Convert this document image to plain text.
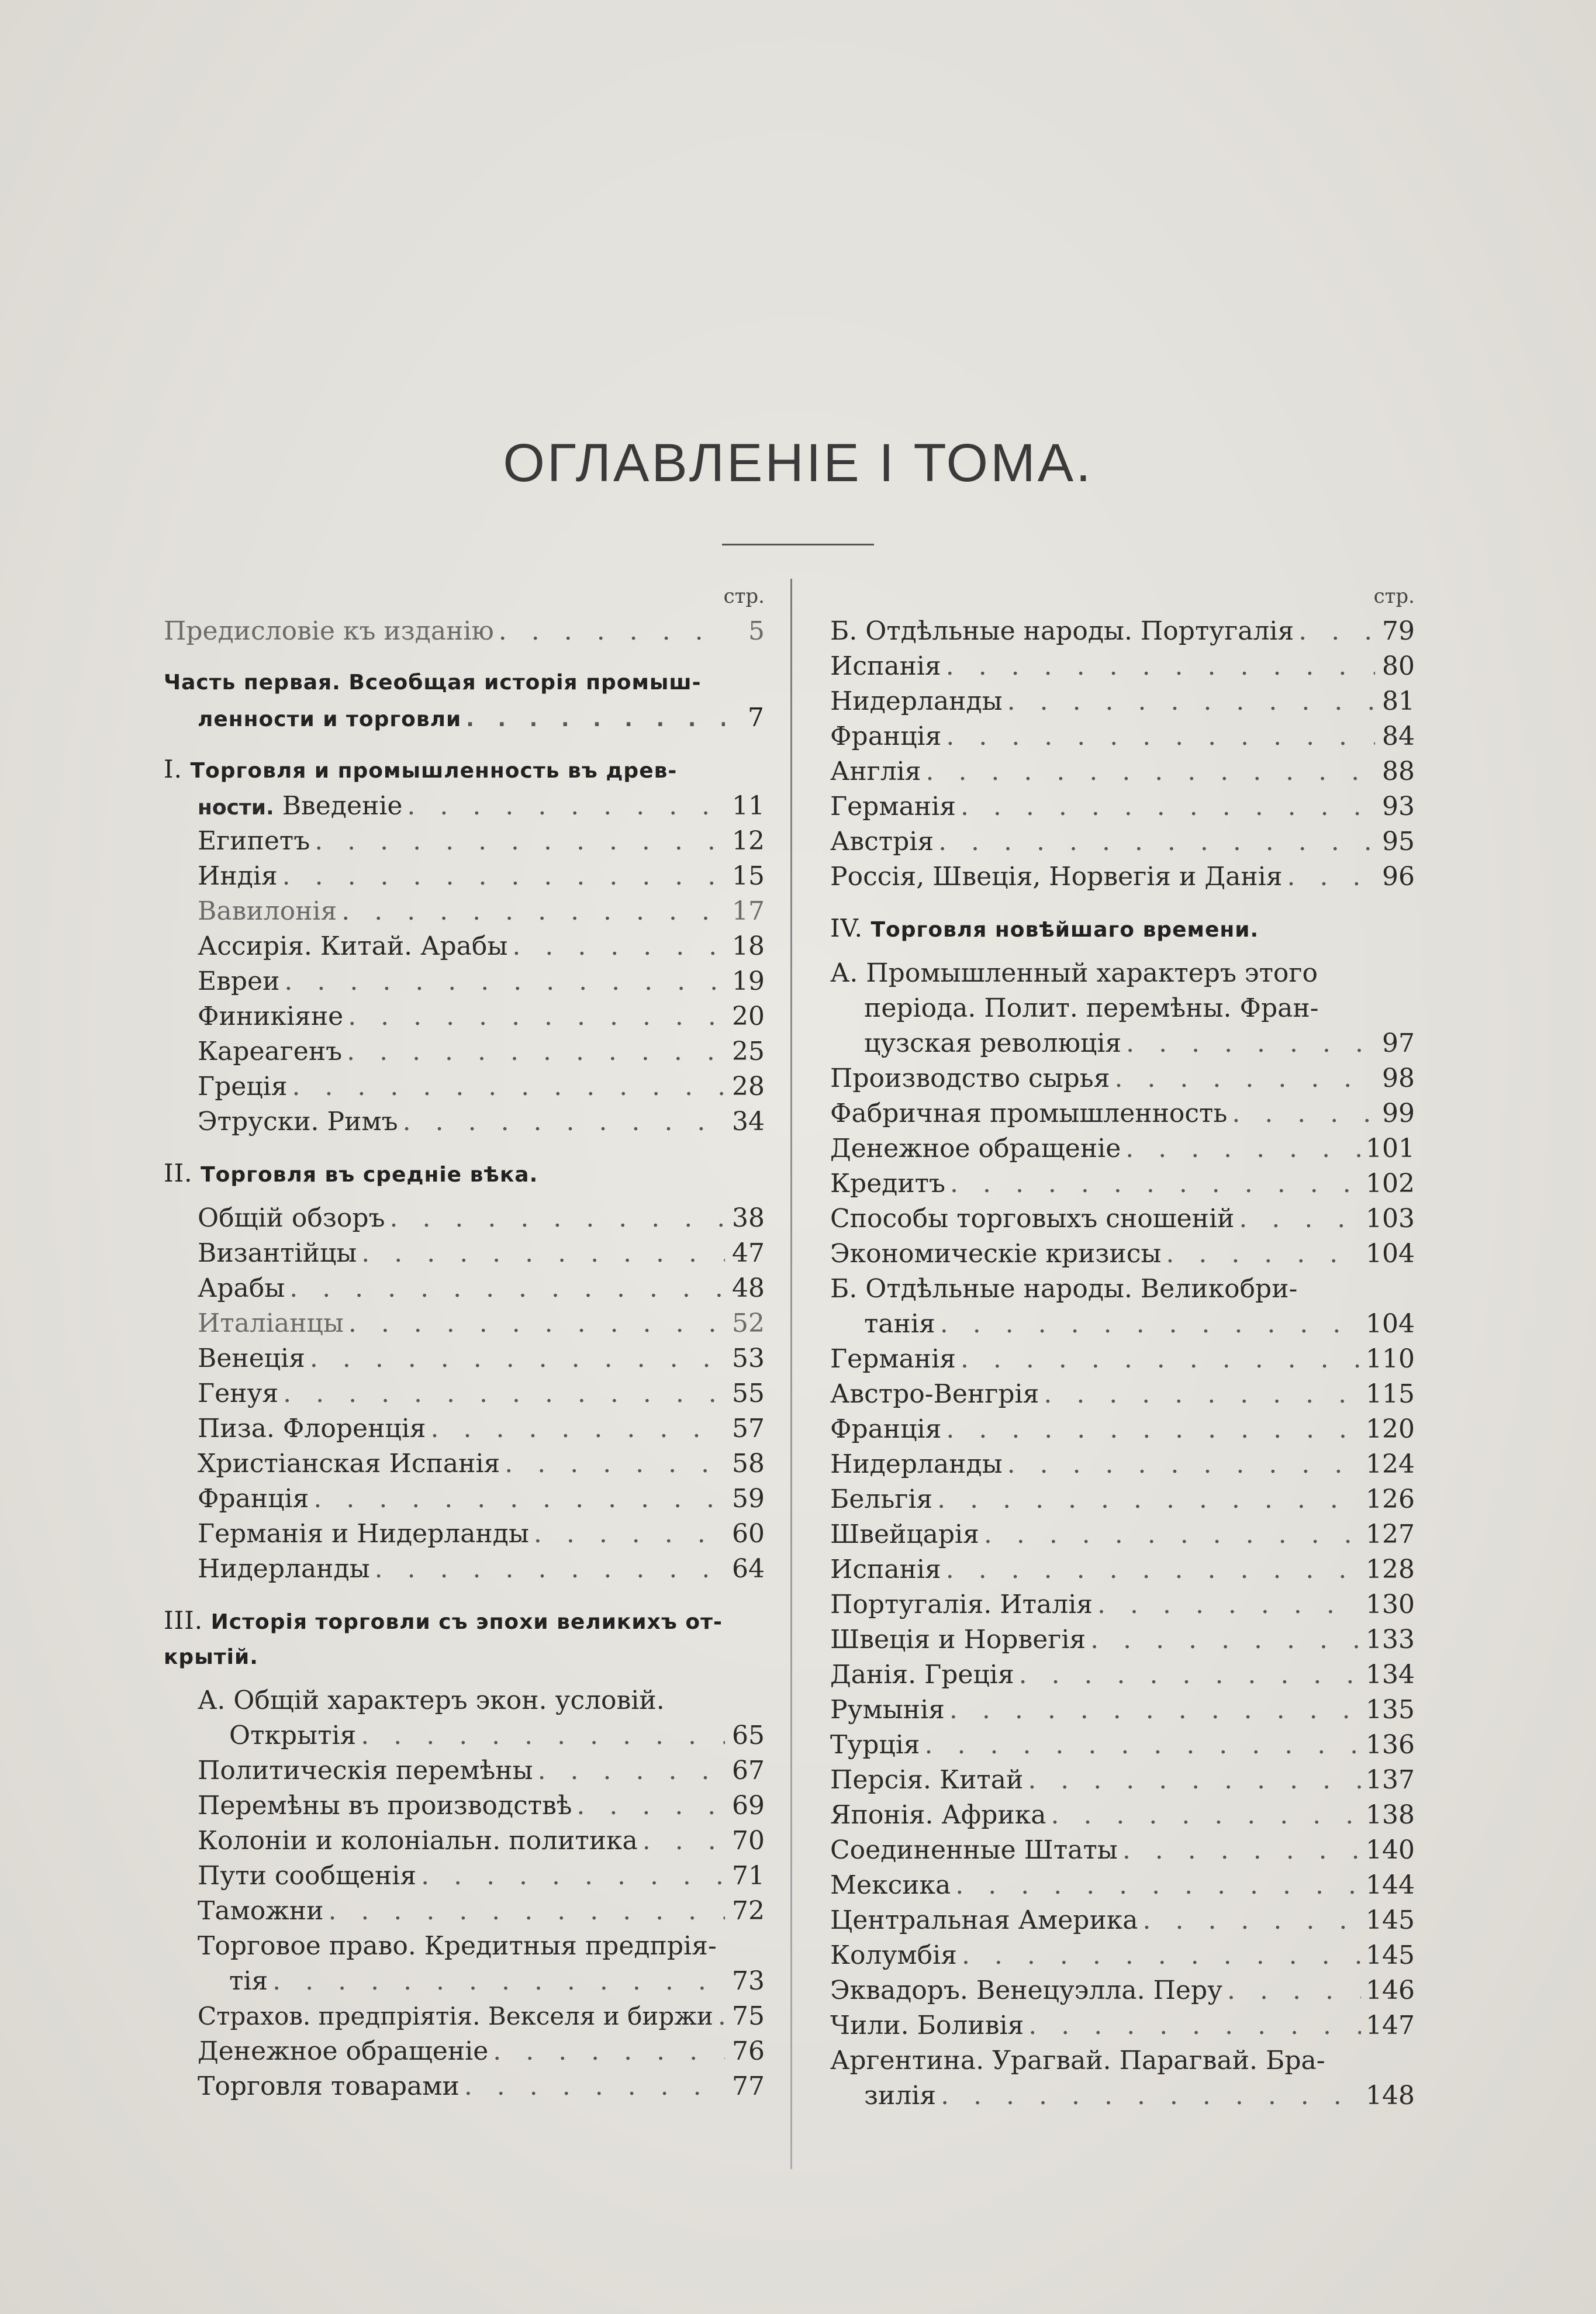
ОГЛАВЛЕНІЕ I ТОМА.
стр.
Предисловіе къ изданію . . .	5
Часть первая. Всеобщая исторія промыш-
ленности и торговли . . .	7
I. Торговля и промышленность въ древ-
ности. Введеніе . . .	11
Египетъ . . .	12
Индія . . .	15
Вавилонія . . .	17
Ассирія. Китай. Арабы . . .	18
Евреи . . .	19
Финикіяне . . .	20
Кареагенъ . . .	25
Греція . . .	28
Этруски. Римъ . . .	34
II. Торговля въ средніе вѣка.
Общій обзоръ . . .	38
Византійцы . . .	47
Арабы . . .	48
Италіанцы . . .	52
Венеція . . .	53
Генуя . . .	55
Пиза. Флоренція . . .	57
Христіанская Испанія . . .	58
Франція . . .	59
Германія и Нидерланды . . .	60
Нидерланды . . .	64
III. Исторія торговли съ эпохи великихъ от-
крытій.
А. Общій характеръ экон. условій.
Открытія . . .	65
Политическія перемѣны . . .	67
Перемѣны въ производствѣ . . .	69
Колоніи и колоніальн. политика . . .	70
Пути сообщенія . . .	71
Таможни . . .	72
Торговое право. Кредитныя предпрія-
тія . . .	73
Страхов. предпріятія. Векселя и биржи . . . 75
Денежное обращеніе . . .	76
Торговля товарами . . .	77
стр.
Б. Отдѣльные народы. Португалія . . .	79
Испанія . . .	80
Нидерланды . . .	81
Франція . . .	84
Англія . . .	88
Германія . . .	93
Австрія . . .	95
Россія, Швеція, Норвегія и Данія . . .	96
IV. Торговля новѣйшаго времени.
А. Промышленный характеръ этого
періода. Полит. перемѣны. Фран-
цузская революція . . .	97
Производство сырья . . .	98
Фабричная промышленность . . .	99
Денежное обращеніе . . .	101
Кредитъ . . .	102
Способы торговыхъ сношеній . . .	103
Экономическіе кризисы . . .	104
Б. Отдѣльные народы. Великобри-
танія . . .	104
Германія . . .	110
Австро-Венгрія . . .	115
Франція . . .	120
Нидерланды . . .	124
Бельгія . . .	126
Швейцарія . . .	127
Испанія . . .	128
Португалія. Италія . . .	130
Швеція и Норвегія . . .	133
Данія. Греція . . .	134
Румынія . . .	135
Турція . . .	136
Персія. Китай . . .	137
Японія. Африка . . .	138
Соединенные Штаты . . .	140
Мексика . . .	144
Центральная Америка . . .	145
Колумбія . . .	145
Эквадоръ. Венецуэлла. Перу . . .	146
Чили. Боливія . . .	147
Аргентина. Урагвай. Парагвай. Бра-
зилія . . .	148
